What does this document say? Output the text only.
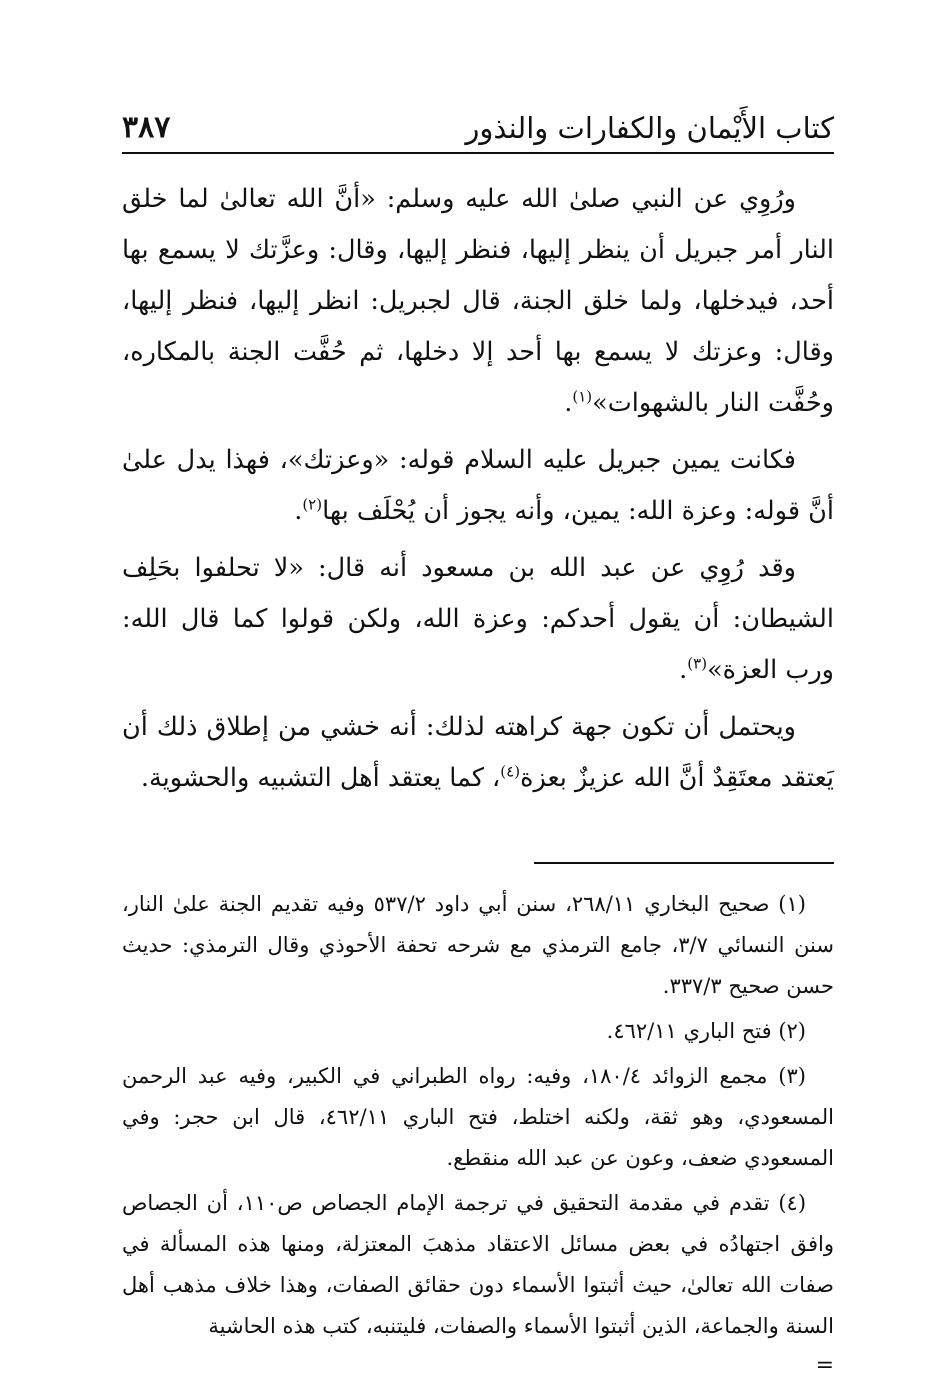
كتاب الأَيْمان والكفارات والنذور
٣٨٧

ورُوِي عن النبي صلىٰ الله عليه وسلم: «أنَّ الله تعالىٰ لما خلق النار أمر جبريل أن ينظر إليها، فنظر إليها، وقال: وعزَّتك لا يسمع بها أحد، فيدخلها، ولما خلق الجنة، قال لجبريل: انظر إليها، فنظر إليها، وقال: وعزتك لا يسمع بها أحد إلا دخلها، ثم حُفَّت الجنة بالمكاره، وحُفَّت النار بالشهوات»$^{(١)}$.

فكانت يمين جبريل عليه السلام قوله: «وعزتك»، فهذا يدل علىٰ أنَّ قوله: وعزة الله: يمين، وأنه يجوز أن يُحْلَف بها$^{(٢)}$.

وقد رُوِي عن عبد الله بن مسعود أنه قال: «لا تحلفوا بحَلِف الشيطان: أن يقول أحدكم: وعزة الله، ولكن قولوا كما قال الله: ورب العزة»$^{(٣)}$.

ويحتمل أن تكون جهة كراهته لذلك: أنه خشي من إطلاق ذلك أن يَعتقد معتَقِدٌ أنَّ الله عزيزٌ بعزة$^{(٤)}$، كما يعتقد أهل التشبيه والحشوية.

(١) صحيح البخاري ٢٦٨/١١، سنن أبي داود ٥٣٧/٢ وفيه تقديم الجنة علىٰ النار، سنن النسائي ٣/٧، جامع الترمذي مع شرحه تحفة الأحوذي وقال الترمذي: حديث حسن صحيح ٣٣٧/٣.

(٢) فتح الباري ٤٦٢/١١.

(٣) مجمع الزوائد ١٨٠/٤، وفيه: رواه الطبراني في الكبير، وفيه عبد الرحمن المسعودي، وهو ثقة، ولكنه اختلط، فتح الباري ٤٦٢/١١، قال ابن حجر: وفي المسعودي ضعف، وعون عن عبد الله منقطع.

(٤) تقدم في مقدمة التحقيق في ترجمة الإمام الجصاص ص١١٠، أن الجصاص وافق اجتهادُه في بعض مسائل الاعتقاد مذهبَ المعتزلة، ومنها هذه المسألة في صفات الله تعالىٰ، حيث أثبتوا الأسماء دون حقائق الصفات، وهذا خلاف مذهب أهل السنة والجماعة، الذين أثبتوا الأسماء والصفات، فليتنبه، كتب هذه الحاشية

=
